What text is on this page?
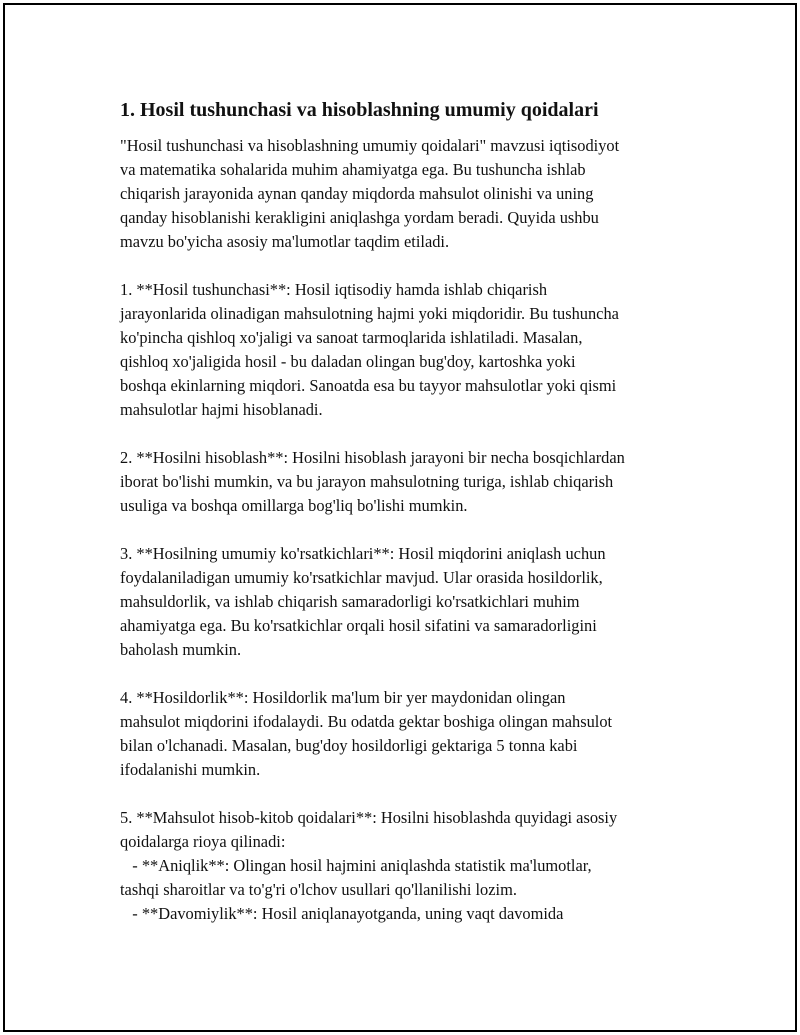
1. Hosil tushunchasi va hisoblashning umumiy qoidalari
"Hosil tushunchasi va hisoblashning umumiy qoidalari" mavzusi iqtisodiyot
va matematika sohalarida muhim ahamiyatga ega. Bu tushuncha ishlab
chiqarish jarayonida aynan qanday miqdorda mahsulot olinishi va uning
qanday hisoblanishi kerakligini aniqlashga yordam beradi. Quyida ushbu
mavzu bo'yicha asosiy ma'lumotlar taqdim etiladi.
1. **Hosil tushunchasi**: Hosil iqtisodiy hamda ishlab chiqarish
jarayonlarida olinadigan mahsulotning hajmi yoki miqdoridir. Bu tushuncha
ko'pincha qishloq xo'jaligi va sanoat tarmoqlarida ishlatiladi. Masalan,
qishloq xo'jaligida hosil - bu daladan olingan bug'doy, kartoshka yoki
boshqa ekinlarning miqdori. Sanoatda esa bu tayyor mahsulotlar yoki qismi
mahsulotlar hajmi hisoblanadi.
2. **Hosilni hisoblash**: Hosilni hisoblash jarayoni bir necha bosqichlardan
iborat bo'lishi mumkin, va bu jarayon mahsulotning turiga, ishlab chiqarish
usuliga va boshqa omillarga bog'liq bo'lishi mumkin.
3. **Hosilning umumiy ko'rsatkichlari**: Hosil miqdorini aniqlash uchun
foydalaniladigan umumiy ko'rsatkichlar mavjud. Ular orasida hosildorlik,
mahsuldorlik, va ishlab chiqarish samaradorligi ko'rsatkichlari muhim
ahamiyatga ega. Bu ko'rsatkichlar orqali hosil sifatini va samaradorligini
baholash mumkin.
4. **Hosildorlik**: Hosildorlik ma'lum bir yer maydonidan olingan
mahsulot miqdorini ifodalaydi. Bu odatda gektar boshiga olingan mahsulot
bilan o'lchanadi. Masalan, bug'doy hosildorligi gektariga 5 tonna kabi
ifodalanishi mumkin.
5. **Mahsulot hisob-kitob qoidalari**: Hosilni hisoblashda quyidagi asosiy
qoidalarga rioya qilinadi:
- **Aniqlik**: Olingan hosil hajmini aniqlashda statistik ma'lumotlar,
tashqi sharoitlar va to'g'ri o'lchov usullari qo'llanilishi lozim.
- **Davomiylik**: Hosil aniqlanayotganda, uning vaqt davomida
